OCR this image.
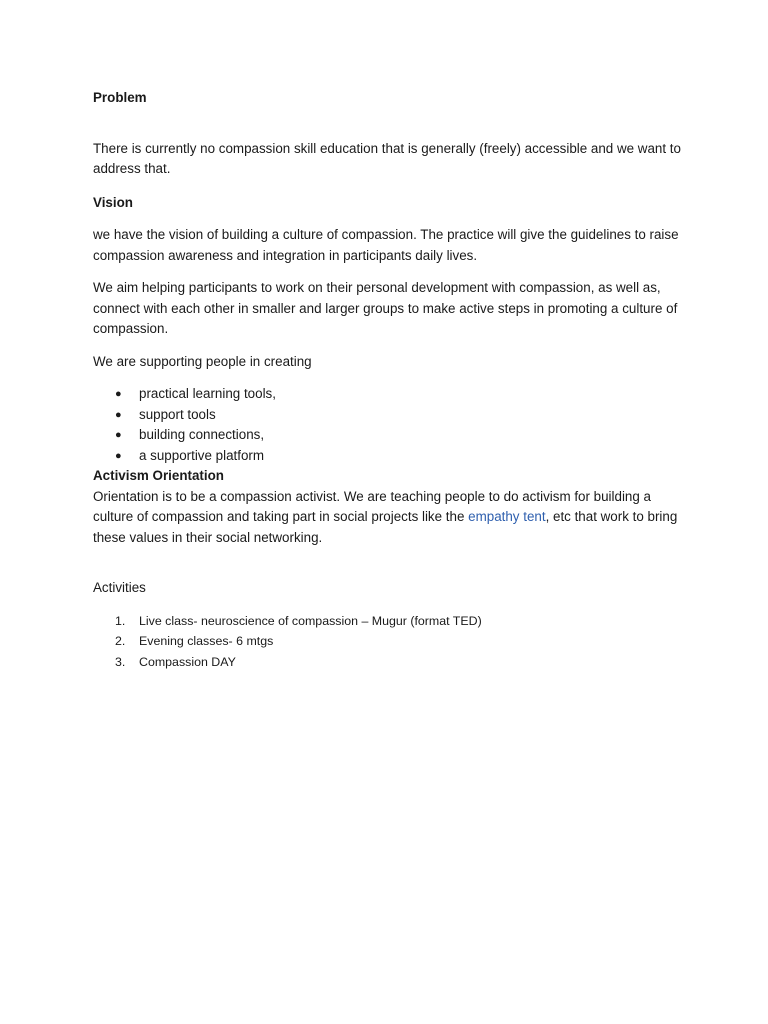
Problem

There is currently no compassion skill education that is generally (freely) accessible and we want to address that.

Vision

we have the vision of building a culture of compassion. The practice will give the guidelines to raise compassion awareness and integration in participants daily lives.

We aim helping participants to work on their personal development with compassion, as well as, connect with each other in smaller and larger groups to make active steps in promoting a culture of compassion.

We are supporting people in creating

● practical learning tools,
● support tools
● building connections,
● a supportive platform

Activism Orientation

Orientation is to be a compassion activist. We are teaching people to do activism for building a culture of compassion and taking part in social projects like the empathy tent, etc that work to bring these values in their social networking.

Activities

1. Live class- neuroscience of compassion – Mugur (format TED)
2. Evening classes- 6 mtgs
3. Compassion DAY
